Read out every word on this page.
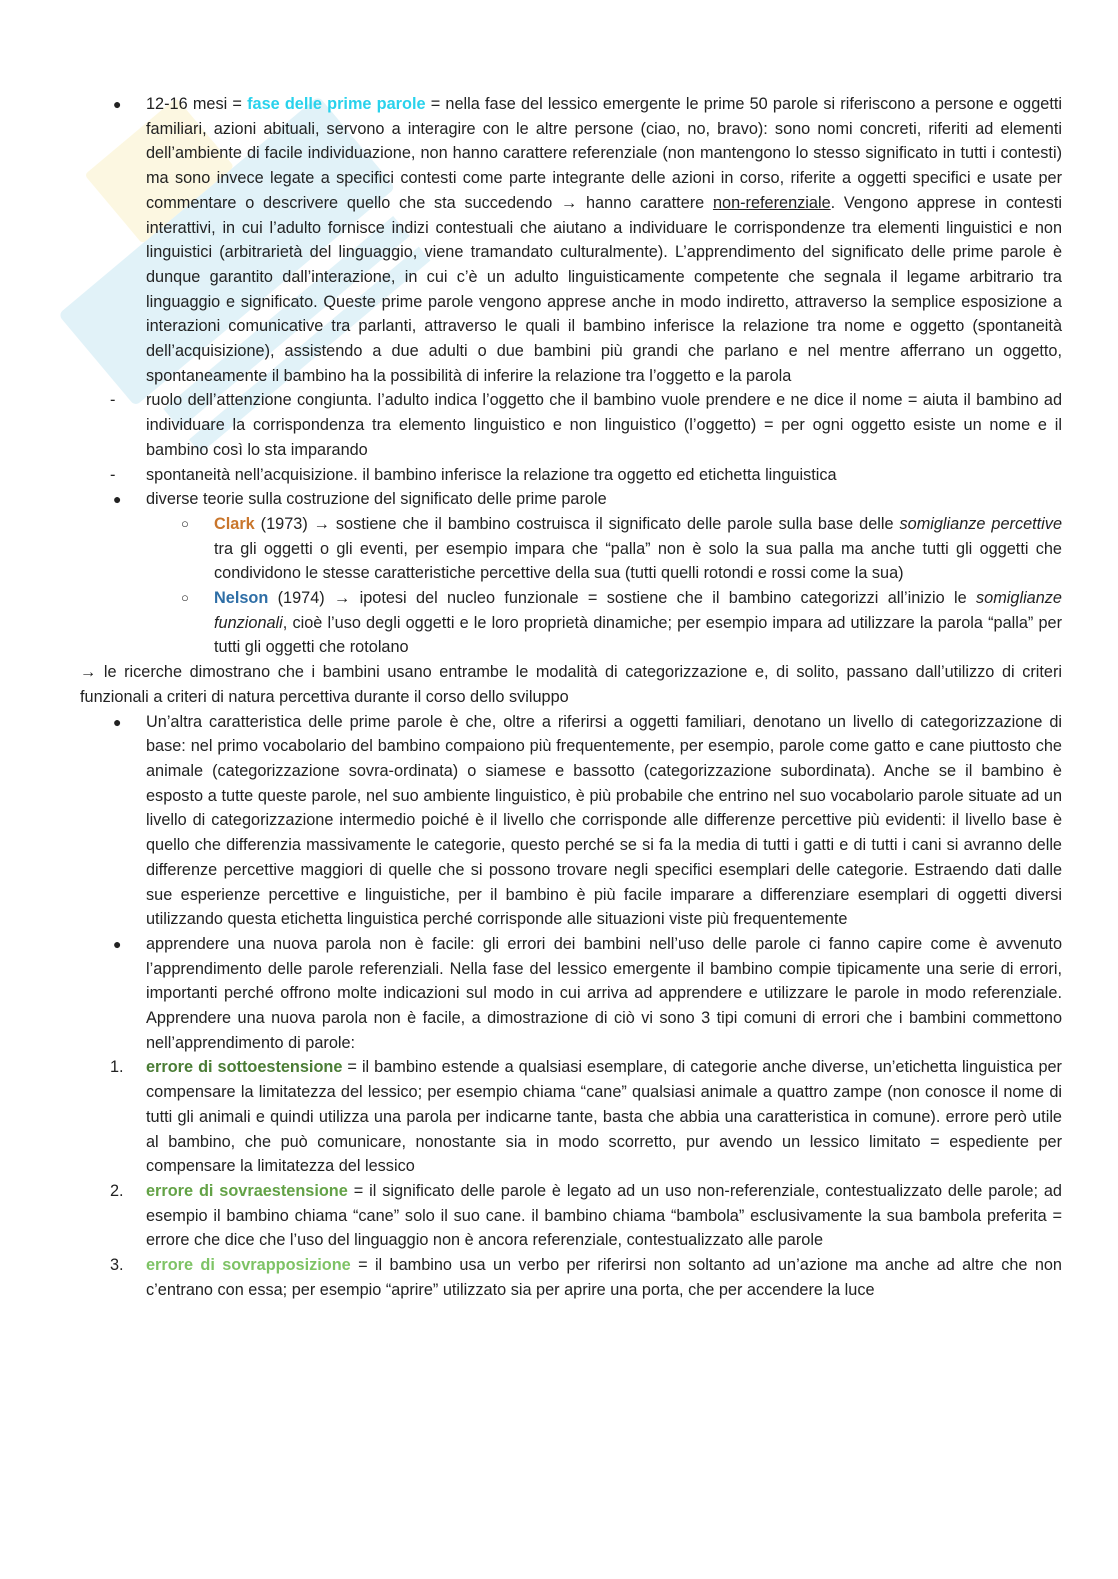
● 12-16 mesi = fase delle prime parole = nella fase del lessico emergente le prime 50 parole si riferiscono a persone e oggetti familiari, azioni abituali, servono a interagire con le altre persone (ciao, no, bravo): sono nomi concreti, riferiti ad elementi dell’ambiente di facile individuazione, non hanno carattere referenziale (non mantengono lo stesso significato in tutti i contesti) ma sono invece legate a specifici contesti come parte integrante delle azioni in corso, riferite a oggetti specifici e usate per commentare o descrivere quello che sta succedendo → hanno carattere non-referenziale. Vengono apprese in contesti interattivi, in cui l’adulto fornisce indizi contestuali che aiutano a individuare le corrispondenze tra elementi linguistici e non linguistici (arbitrarietà del linguaggio, viene tramandato culturalmente). L’apprendimento del significato delle prime parole è dunque garantito dall’interazione, in cui c’è un adulto linguisticamente competente che segnala il legame arbitrario tra linguaggio e significato. Queste prime parole vengono apprese anche in modo indiretto, attraverso la semplice esposizione a interazioni comunicative tra parlanti, attraverso le quali il bambino inferisce la relazione tra nome e oggetto (spontaneità dell’acquisizione), assistendo a due adulti o due bambini più grandi che parlano e nel mentre afferrano un oggetto, spontaneamente il bambino ha la possibilità di inferire la relazione tra l’oggetto e la parola
- ruolo dell’attenzione congiunta. l’adulto indica l’oggetto che il bambino vuole prendere e ne dice il nome = aiuta il bambino ad individuare la corrispondenza tra elemento linguistico e non linguistico (l’oggetto) = per ogni oggetto esiste un nome e il bambino così lo sta imparando
- spontaneità nell’acquisizione. il bambino inferisce la relazione tra oggetto ed etichetta linguistica
● diverse teorie sulla costruzione del significato delle prime parole
○ Clark (1973) → sostiene che il bambino costruisca il significato delle parole sulla base delle somiglianze percettive tra gli oggetti o gli eventi, per esempio impara che “palla” non è solo la sua palla ma anche tutti gli oggetti che condividono le stesse caratteristiche percettive della sua (tutti quelli rotondi e rossi come la sua)
○ Nelson (1974) → ipotesi del nucleo funzionale = sostiene che il bambino categorizzi all’inizio le somiglianze funzionali, cioè l’uso degli oggetti e le loro proprietà dinamiche; per esempio impara ad utilizzare la parola “palla” per tutti gli oggetti che rotolano

→ le ricerche dimostrano che i bambini usano entrambe le modalità di categorizzazione e, di solito, passano dall’utilizzo di criteri funzionali a criteri di natura percettiva durante il corso dello sviluppo

● Un’altra caratteristica delle prime parole è che, oltre a riferirsi a oggetti familiari, denotano un livello di categorizzazione di base: nel primo vocabolario del bambino compaiono più frequentemente, per esempio, parole come gatto e cane piuttosto che animale (categorizzazione sovra-ordinata) o siamese e bassotto (categorizzazione subordinata). Anche se il bambino è esposto a tutte queste parole, nel suo ambiente linguistico, è più probabile che entrino nel suo vocabolario parole situate ad un livello di categorizzazione intermedio poiché è il livello che corrisponde alle differenze percettive più evidenti: il livello base è quello che differenzia massivamente le categorie, questo perché se si fa la media di tutti i gatti e di tutti i cani si avranno delle differenze percettive maggiori di quelle che si possono trovare negli specifici esemplari delle categorie. Estraendo dati dalle sue esperienze percettive e linguistiche, per il bambino è più facile imparare a differenziare esemplari di oggetti diversi utilizzando questa etichetta linguistica perché corrisponde alle situazioni viste più frequentemente
● apprendere una nuova parola non è facile: gli errori dei bambini nell’uso delle parole ci fanno capire come è avvenuto l’apprendimento delle parole referenziali. Nella fase del lessico emergente il bambino compie tipicamente una serie di errori, importanti perché offrono molte indicazioni sul modo in cui arriva ad apprendere e utilizzare le parole in modo referenziale. Apprendere una nuova parola non è facile, a dimostrazione di ciò vi sono 3 tipi comuni di errori che i bambini commettono nell’apprendimento di parole:
1. errore di sottoestensione = il bambino estende a qualsiasi esemplare, di categorie anche diverse, un’etichetta linguistica per compensare la limitatezza del lessico; per esempio chiama “cane” qualsiasi animale a quattro zampe (non conosce il nome di tutti gli animali e quindi utilizza una parola per indicarne tante, basta che abbia una caratteristica in comune). errore però utile al bambino, che può comunicare, nonostante sia in modo scorretto, pur avendo un lessico limitato = espediente per compensare la limitatezza del lessico
2. errore di sovraestensione = il significato delle parole è legato ad un uso non-referenziale, contestualizzato delle parole; ad esempio il bambino chiama “cane” solo il suo cane. il bambino chiama “bambola” esclusivamente la sua bambola preferita = errore che dice che l’uso del linguaggio non è ancora referenziale, contestualizzato alle parole
3. errore di sovrapposizione = il bambino usa un verbo per riferirsi non soltanto ad un’azione ma anche ad altre che non c’entrano con essa; per esempio “aprire” utilizzato sia per aprire una porta, che per accendere la luce
